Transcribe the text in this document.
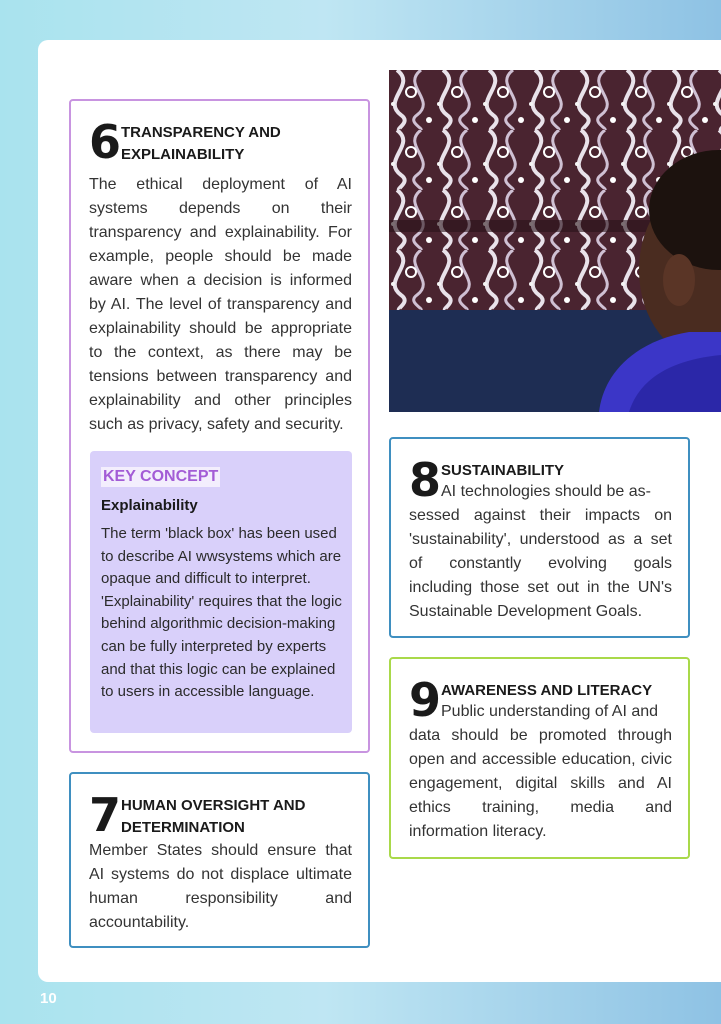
6 TRANSPARENCY AND
EXPLAINABILITY
The ethical deployment of AI systems depends on their transparency and explainability. For example, people should be made aware when a decision is informed by AI. The level of transparency and explainability should be appropriate to the context, as there may be tensions between transparency and explainability and other principles such as privacy, safety and security.
KEY CONCEPT
Explainability
The term 'black box' has been used to describe AI wwsystems which are opaque and difficult to interpret. 'Explainability' requires that the logic behind algorithmic decision-making can be fully interpreted by experts and that this logic can be explained to users in accessible language.
7 HUMAN OVERSIGHT AND
DETERMINATION
Member States should ensure that AI systems do not displace ultimate human responsibility and accountability.
8 SUSTAINABILITY
AI technologies should be as-
sessed against their impacts on 'sustainability', understood as a set of constantly evolving goals including those set out in the UN's Sustainable Development Goals.
9 AWARENESS AND LITERACY
Public understanding of AI and
data should be promoted through open and accessible education, civic engagement, digital skills and AI ethics training, media and information literacy.
10
